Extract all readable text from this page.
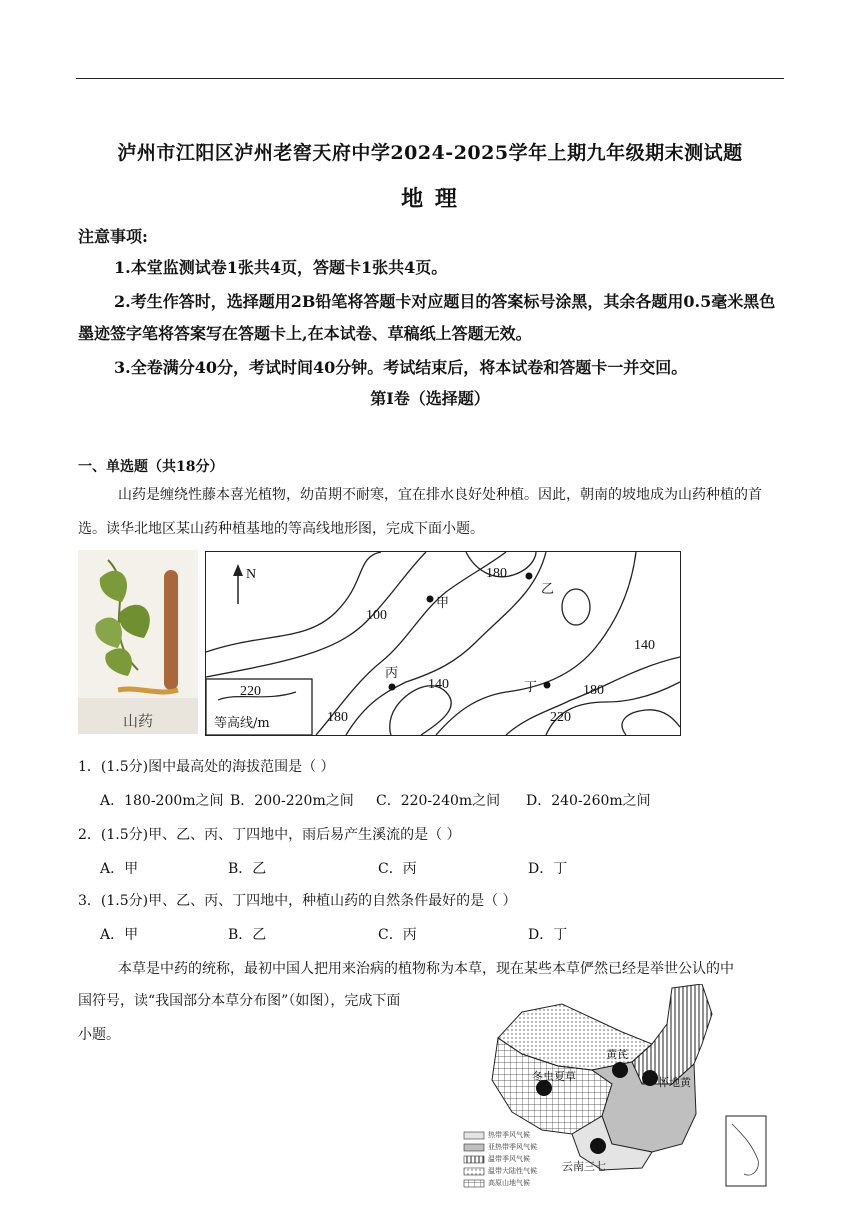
泸州市江阳区泸州老窖天府中学2024-2025学年上期九年级期末测试题
地 理
注意事项:
1.本堂监测试卷1张共4页，答题卡1张共4页。
2.考生作答时，选择题用2B铅笔将答题卡对应题目的答案标号涂黑，其余各题用0.5毫米黑色墨迹签字笔将答案写在答题卡上,在本试卷、草稿纸上答题无效。
3.全卷满分40分，考试时间40分钟。考试结束后，将本试卷和答题卡一并交回。
第Ⅰ卷（选择题）
一、单选题（共18分）
山药是缠绕性藤本喜光植物，幼苗期不耐寒，宜在排水良好处种植。因此，朝南的坡地成为山药种植的首选。读华北地区某山药种植基地的等高线地形图，完成下面小题。
山药
N
100
140
180
180
140
180
220
甲
乙
丙
丁
220
等高线/m
1．(1.5分)图中最高处的海拔范围是（ ）
A．180-200m之间 B．200-220m之间	C．220-240m之间	D．240-260m之间
2．(1.5分)甲、乙、丙、丁四地中，雨后易产生溪流的是（ ）
A．甲	B．乙	C．丙	D．丁
3．(1.5分)甲、乙、丙、丁四地中，种植山药的自然条件最好的是（ ）
A．甲	B．乙	C．丙	D．丁
本草是中药的统称，最初中国人把用来治病的植物称为本草，现在某些本草俨然已经是举世公认的中
国符号，读“我国部分本草分布图”（如图），完成下面
小题。
黄芪
怀地黄
冬虫夏草
云南三七
热带季风气候
亚热带季风气候
温带季风气候
温带大陆性气候
高原山地气候
